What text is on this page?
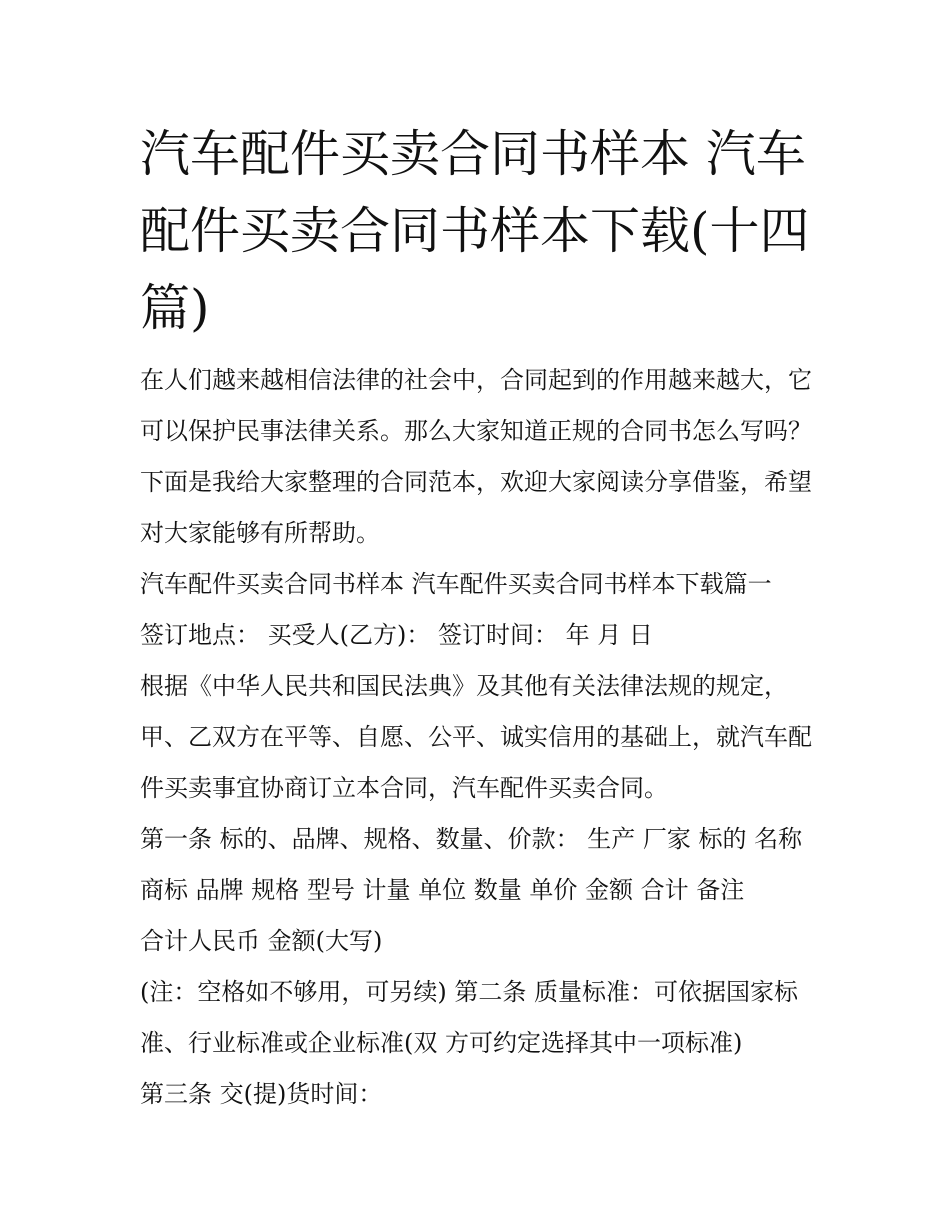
汽车配件买卖合同书样本 汽车配件买卖合同书样本下载(十四篇)

在人们越来越相信法律的社会中，合同起到的作用越来越大，它可以保护民事法律关系。那么大家知道正规的合同书怎么写吗？下面是我给大家整理的合同范本，欢迎大家阅读分享借鉴，希望对大家能够有所帮助。

汽车配件买卖合同书样本 汽车配件买卖合同书样本下载篇一

签订地点： 买受人(乙方)： 签订时间： 年 月 日

根据《中华人民共和国民法典》及其他有关法律法规的规定，甲、乙双方在平等、自愿、公平、诚实信用的基础上，就汽车配件买卖事宜协商订立本合同，汽车配件买卖合同。

第一条 标的、品牌、规格、数量、价款： 生产 厂家 标的 名称 商标 品牌 规格 型号 计量 单位 数量 单价 金额 合计 备注

合计人民币 金额(大写)

(注：空格如不够用，可另续) 第二条 质量标准：可依据国家标准、行业标准或企业标准(双 方可约定选择其中一项标准)

第三条 交(提)货时间：
